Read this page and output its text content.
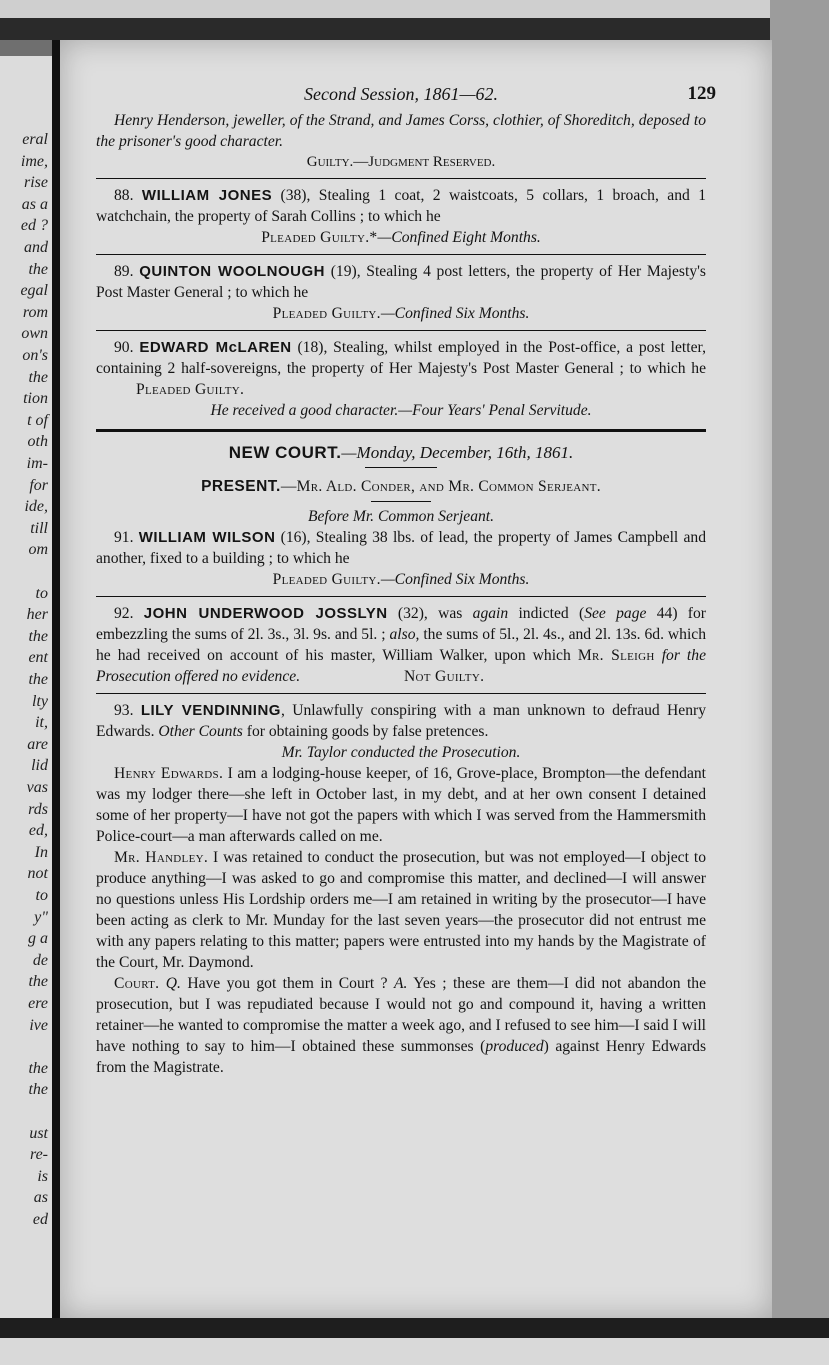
eral
ime,
rise
as a
ed ?
and
the
egal
rom
own
on's
the
tion
t of
oth
im-
for
ide,
till
om
to
her
the
ent
the
lty
it,
are
lid
vas
rds
ed,
In
not
to
y"
g a
de
the
ere
ive
the
the
ust
re-
is
as
ed
Second Session, 1861—62.	129

Henry Henderson, jeweller, of the Strand, and James Corss, clothier, of Shoreditch, deposed to the prisoner's good character.

Guilty.—Judgment Reserved.

88. WILLIAM JONES (38), Stealing 1 coat, 2 waistcoats, 5 collars, 1 broach, and 1 watchchain, the property of Sarah Collins ; to which he

Pleaded Guilty.*—Confined Eight Months.

89. QUINTON WOOLNOUGH (19), Stealing 4 post letters, the property of Her Majesty's Post Master General ; to which he

Pleaded Guilty.—Confined Six Months.

90. EDWARD McLAREN (18), Stealing, whilst employed in the Post-office, a post letter, containing 2 half-sovereigns, the property of Her Majesty's Post Master General ; to which he Pleaded Guilty.

He received a good character.—Four Years' Penal Servitude.

NEW COURT.—Monday, December, 16th, 1861.

PRESENT.—Mr. Ald. Conder, and Mr. Common Serjeant.

Before Mr. Common Serjeant.

91. WILLIAM WILSON (16), Stealing 38 lbs. of lead, the property of James Campbell and another, fixed to a building ; to which he

Pleaded Guilty.—Confined Six Months.

92. JOHN UNDERWOOD JOSSLYN (32), was again indicted (See page 44) for embezzling the sums of 2l. 3s., 3l. 9s. and 5l. ; also, the sums of 5l., 2l. 4s., and 2l. 13s. 6d. which he had received on account of his master, William Walker, upon which Mr. Sleigh for the Prosecution offered no evidence.	Not Guilty.

93. LILY VENDINNING, Unlawfully conspiring with a man unknown to defraud Henry Edwards. Other Counts for obtaining goods by false pretences.

Mr. Taylor conducted the Prosecution.

Henry Edwards. I am a lodging-house keeper, of 16, Grove-place, Brompton—the defendant was my lodger there—she left in October last, in my debt, and at her own consent I detained some of her property—I have not got the papers with which I was served from the Hammersmith Police-court—a man afterwards called on me.

Mr. Handley. I was retained to conduct the prosecution, but was not employed—I object to produce anything—I was asked to go and compromise this matter, and declined—I will answer no questions unless His Lordship orders me—I am retained in writing by the prosecutor—I have been acting as clerk to Mr. Munday for the last seven years—the prosecutor did not entrust me with any papers relating to this matter; papers were entrusted into my hands by the Magistrate of the Court, Mr. Daymond.

Court. Q. Have you got them in Court ? A. Yes ; these are them—I did not abandon the prosecution, but I was repudiated because I would not go and compound it, having a written retainer—he wanted to compromise the matter a week ago, and I refused to see him—I said I will have nothing to say to him—I obtained these summonses (produced) against Henry Edwards from the Magistrate.
